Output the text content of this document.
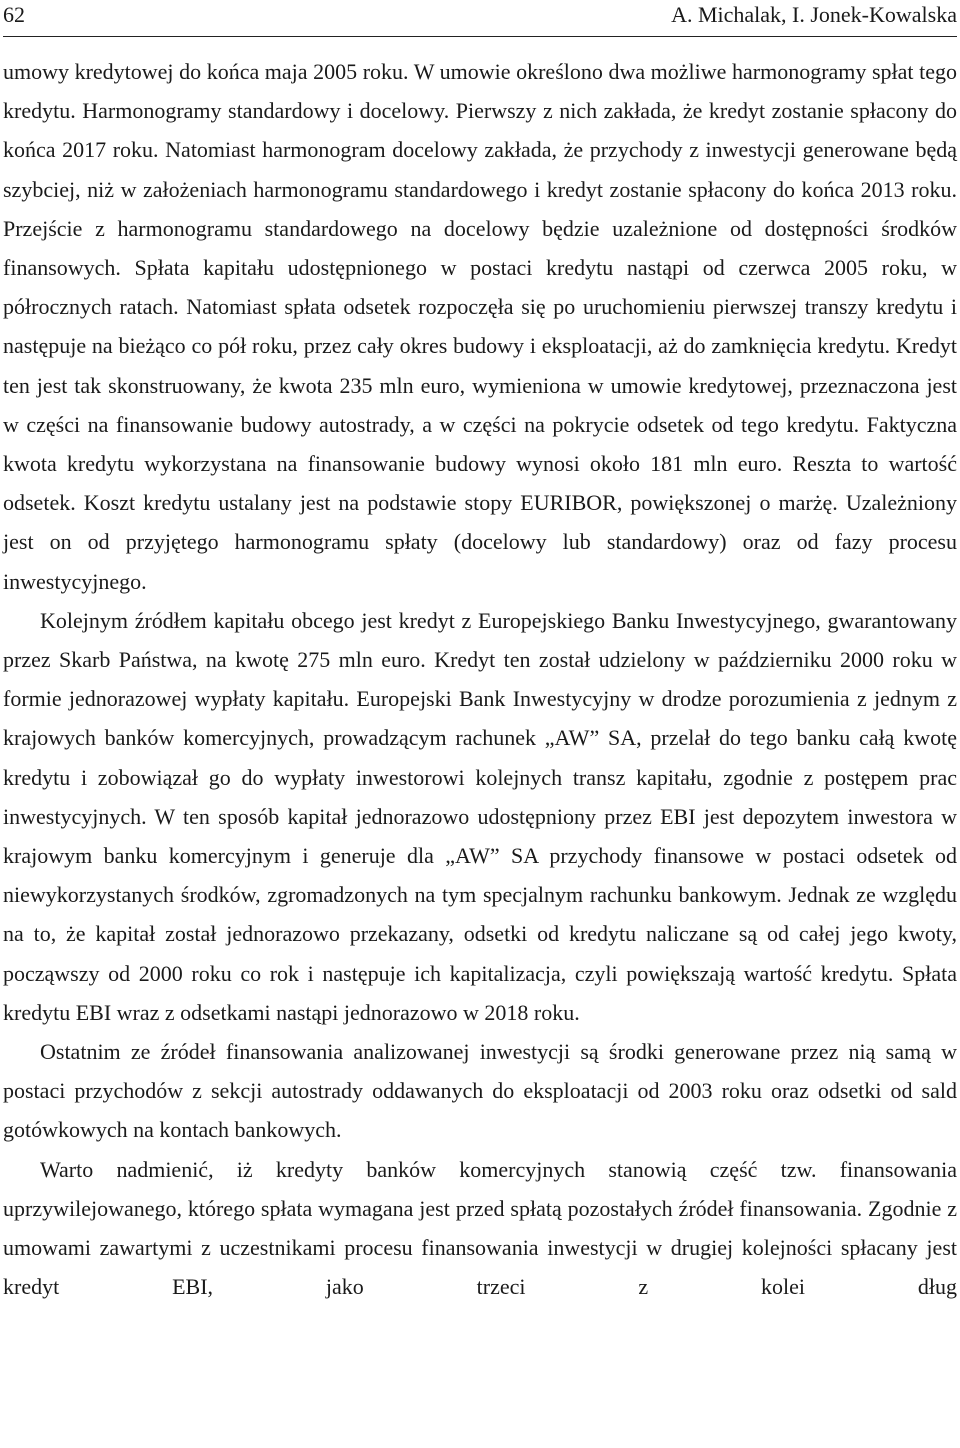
62	A. Michalak, I. Jonek-Kowalska

umowy kredytowej do końca maja 2005 roku. W umowie określono dwa możliwe harmonogramy spłat tego kredytu. Harmonogramy standardowy i docelowy. Pierwszy z nich zakłada, że kredyt zostanie spłacony do końca 2017 roku. Natomiast harmonogram docelowy zakłada, że przychody z inwestycji generowane będą szybciej, niż w założeniach harmonogramu standardowego i kredyt zostanie spłacony do końca 2013 roku. Przejście z harmonogramu standardowego na docelowy będzie uzależnione od dostępności środków finansowych. Spłata kapitału udostępnionego w postaci kredytu nastąpi od czerwca 2005 roku, w półrocznych ratach. Natomiast spłata odsetek rozpoczęła się po uruchomieniu pierwszej transzy kredytu i następuje na bieżąco co pół roku, przez cały okres budowy i eksploatacji, aż do zamknięcia kredytu. Kredyt ten jest tak skonstruowany, że kwota 235 mln euro, wymieniona w umowie kredytowej, przeznaczona jest w części na finansowanie budowy autostrady, a w części na pokrycie odsetek od tego kredytu. Faktyczna kwota kredytu wykorzystana na finansowanie budowy wynosi około 181 mln euro. Reszta to wartość odsetek. Koszt kredytu ustalany jest na podstawie stopy EURIBOR, powiększonej o marżę. Uzależniony jest on od przyjętego harmonogramu spłaty (docelowy lub standardowy) oraz od fazy procesu inwestycyjnego.

Kolejnym źródłem kapitału obcego jest kredyt z Europejskiego Banku Inwestycyjnego, gwarantowany przez Skarb Państwa, na kwotę 275 mln euro. Kredyt ten został udzielony w październiku 2000 roku w formie jednorazowej wypłaty kapitału. Europejski Bank Inwestycyjny w drodze porozumienia z jednym z krajowych banków komercyjnych, prowadzącym rachunek „AW” SA, przelał do tego banku całą kwotę kredytu i zobowiązał go do wypłaty inwestorowi kolejnych transz kapitału, zgodnie z postępem prac inwestycyjnych. W ten sposób kapitał jednorazowo udostępniony przez EBI jest depozytem inwestora w krajowym banku komercyjnym i generuje dla „AW” SA przychody finansowe w postaci odsetek od niewykorzystanych środków, zgromadzonych na tym specjalnym rachunku bankowym. Jednak ze względu na to, że kapitał został jednorazowo przekazany, odsetki od kredytu naliczane są od całej jego kwoty, począwszy od 2000 roku co rok i następuje ich kapitalizacja, czyli powiększają wartość kredytu. Spłata kredytu EBI wraz z odsetkami nastąpi jednorazowo w 2018 roku.

Ostatnim ze źródeł finansowania analizowanej inwestycji są środki generowane przez nią samą w postaci przychodów z sekcji autostrady oddawanych do eksploatacji od 2003 roku oraz odsetki od sald gotówkowych na kontach bankowych.

Warto nadmienić, iż kredyty banków komercyjnych stanowią część tzw. finansowania uprzywilejowanego, którego spłata wymagana jest przed spłatą pozostałych źródeł finansowania. Zgodnie z umowami zawartymi z uczestnikami procesu finansowania inwestycji w drugiej kolejności spłacany jest kredyt EBI, jako trzeci z kolei dług
